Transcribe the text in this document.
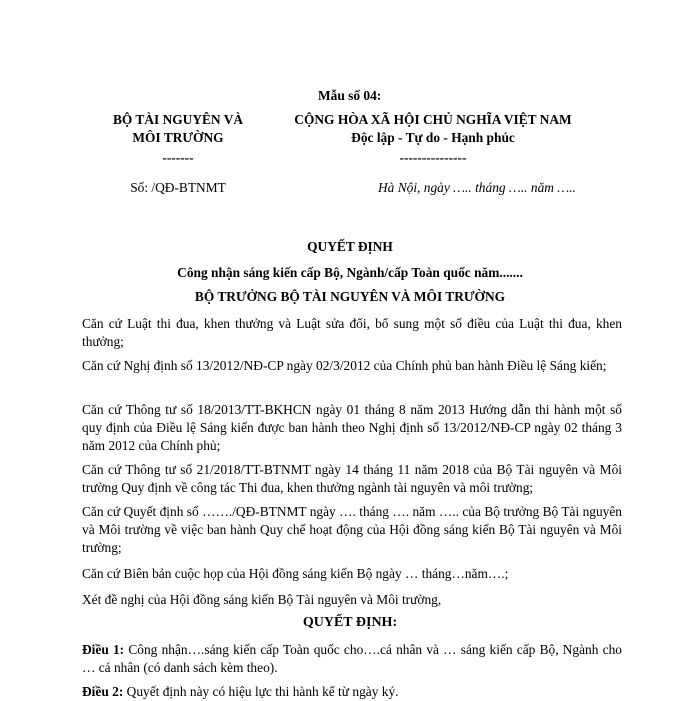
Mẫu số 04:
BỘ TÀI NGUYÊN VÀ
MÔI TRƯỜNG
-------
CỘNG HÒA XÃ HỘI CHỦ NGHĨA VIỆT NAM
Độc lập - Tự do - Hạnh phúc
---------------
Số: /QĐ-BTNMT	Hà Nội, ngày ….. tháng ….. năm …..
QUYẾT ĐỊNH
Công nhận sáng kiến cấp Bộ, Ngành/cấp Toàn quốc năm.......
BỘ TRƯỞNG BỘ TÀI NGUYÊN VÀ MÔI TRƯỜNG
Căn cứ Luật thi đua, khen thưởng và Luật sửa đổi, bổ sung một số điều của Luật thi đua, khen thưởng;
Căn cứ Nghị định số 13/2012/NĐ-CP ngày 02/3/2012 của Chính phủ ban hành Điều lệ Sáng kiến;
Căn cứ Thông tư số 18/2013/TT-BKHCN ngày 01 tháng 8 năm 2013 Hướng dẫn thi hành một số quy định của Điều lệ Sáng kiến được ban hành theo Nghị định số 13/2012/NĐ-CP ngày 02 tháng 3 năm 2012 của Chính phủ;
Căn cứ Thông tư số 21/2018/TT-BTNMT ngày 14 tháng 11 năm 2018 của Bộ Tài nguyên và Môi trường Quy định về công tác Thi đua, khen thưởng ngành tài nguyên và môi trường;
Căn cứ Quyết định số ……./QĐ-BTNMT ngày …. tháng …. năm ….. của Bộ trưởng Bộ Tài nguyên và Môi trường về việc ban hành Quy chế hoạt động của Hội đồng sáng kiến Bộ Tài nguyên và Môi trường;
Căn cứ Biên bản cuộc họp của Hội đồng sáng kiến Bộ ngày … tháng…năm….;
Xét đề nghị của Hội đồng sáng kiến Bộ Tài nguyên và Môi trường,
QUYẾT ĐỊNH:
Điều 1: Công nhận….sáng kiến cấp Toàn quốc cho….cá nhân và … sáng kiến cấp Bộ, Ngành cho … cá nhân (có danh sách kèm theo).
Điều 2: Quyết định này có hiệu lực thi hành kể từ ngày ký.
